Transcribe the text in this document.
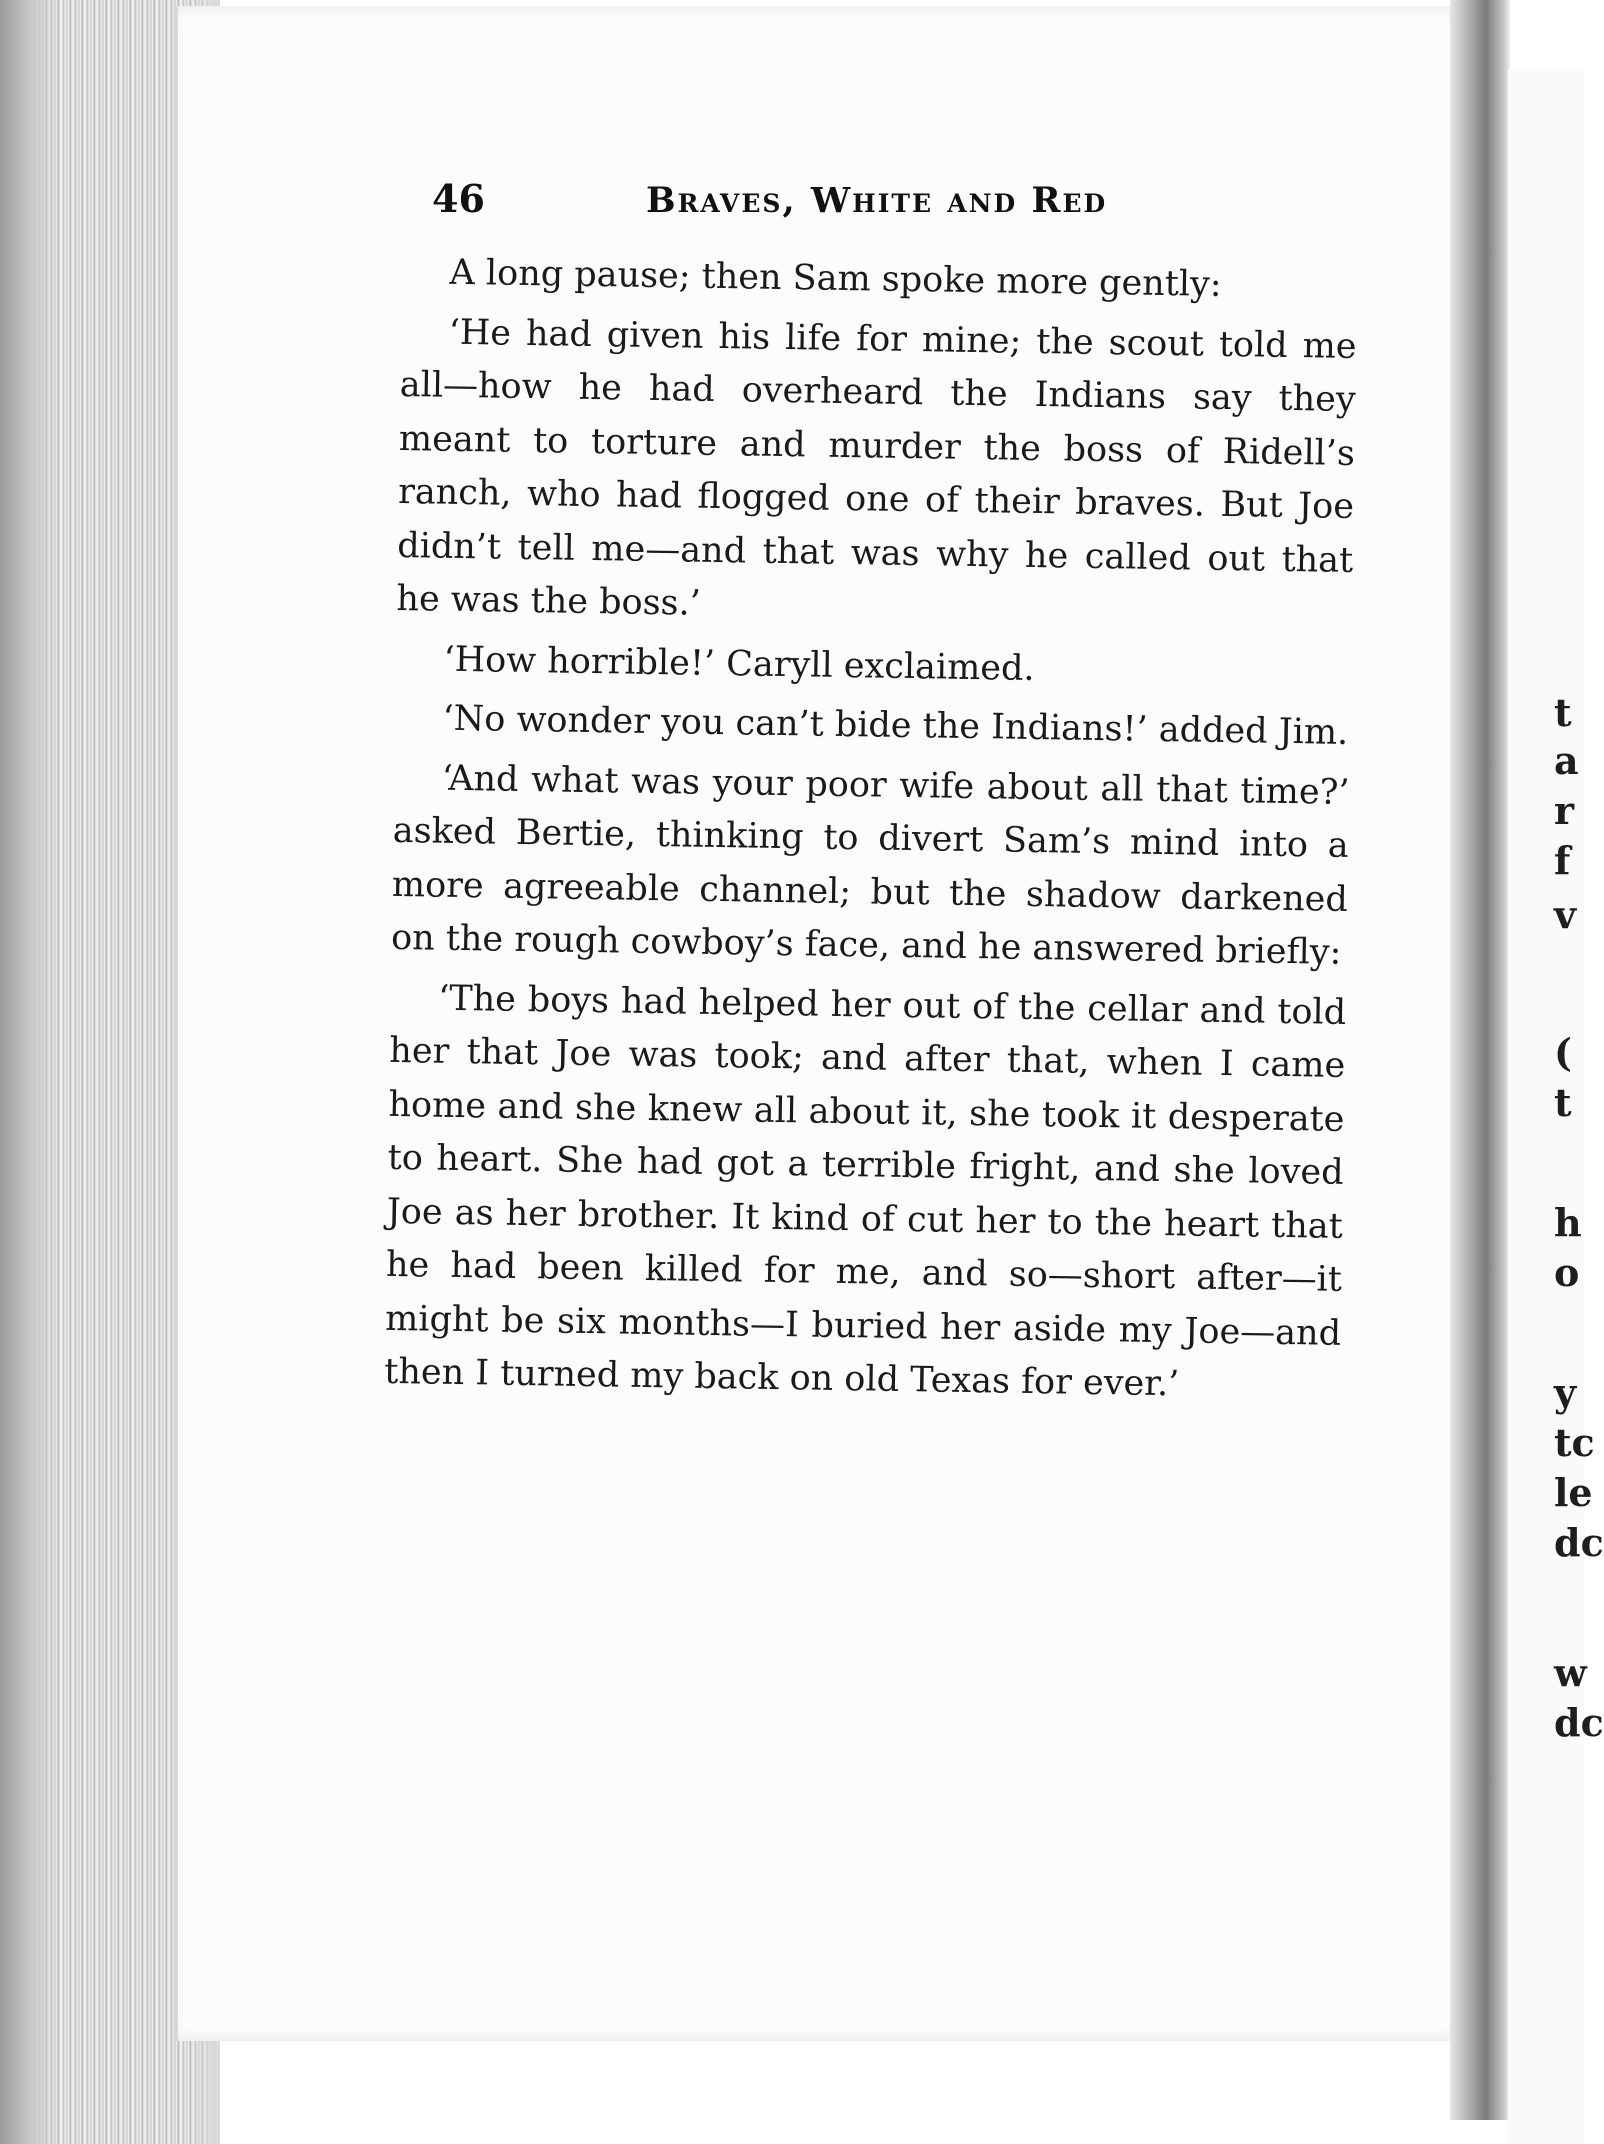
46	Braves, White and Red

A long pause; then Sam spoke more gently:

‘He had given his life for mine; the scout told me all—how he had overheard the Indians say they meant to torture and murder the boss of Ridell’s ranch, who had flogged one of their braves. But Joe didn’t tell me—and that was why he called out that he was the boss.’

‘How horrible!’ Caryll exclaimed.

‘No wonder you can’t bide the Indians!’ added Jim.

‘And what was your poor wife about all that time?’ asked Bertie, thinking to divert Sam’s mind into a more agreeable channel; but the shadow darkened on the rough cowboy’s face, and he answered briefly:

‘The boys had helped her out of the cellar and told her that Joe was took; and after that, when I came home and she knew all about it, she took it desperate to heart. She had got a terrible fright, and she loved Joe as her brother. It kind of cut her to the heart that he had been killed for me, and so—short after—it might be six months—I buried her aside my Joe—and then I turned my back on old Texas for ever.’

t
a
r
f
v
(
t
h
o
y
tc
le
dc
w
dc
